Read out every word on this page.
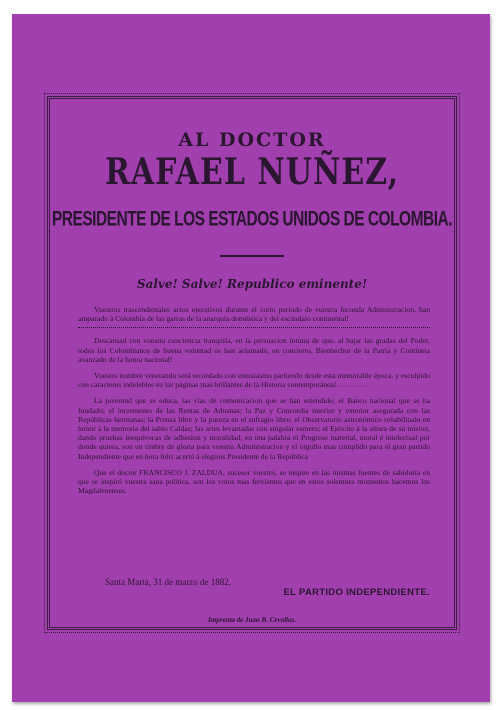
AL DOCTOR
RAFAEL NUÑEZ,
PRESIDENTE DE LOS ESTADOS UNIDOS DE COLOMBIA.
Salve! Salve! Republico eminente!

Vuestros trascendentales actos ejecutivos durante el corto período de vuestra fecunda Administracion, han amparado á Colombia de las garras de la anarquía doméstica y del escándalo continental!

Descansad con vuestra conciencia tranquila, en la persuacion íntima de que, al bajar las gradas del Poder, todos los Colombianos de buena voluntad os han aclamado, en concierto, Bienhechor de la Patria y Contineta avanzado de la honra nacional!

Vuestro nombre venerando será recordado con entusiasmo partiendo desde esta memorable época, y esculpido con caracteres indelebles en las páginas mas brillantes de la Historia contemporánea! . . . . . . . .

La juventud que se educa, las vías de comunicacion que se han estendido; el Banco nacional que se ha fundado; el incremento de las Rentas de Aduanas; la Paz y Concordia interior y exterior asegurada con las Repúblicas hermanas; la Prensa libre y la pureza en el sufragio libre; el Observatorio astronómico rehabilitado en honor á la memoria del sabio Caldas; las artes levantadas con singular esmero; el Ejército á la altura de su mision, dando pruebas inequívocas de adhesion y moralidad; en una palabra el Progreso material, moral é intelectual por donde quiera, son un timbre de gloria para vuestra Administracion y el orgullo mas cumplido para el gran partido Independiente que en hora feliz acertó á elegiros Presidente de la República

Que el doctor FRANCISCO J. ZALDUA, sucesor vuestro, se inspire en las mismas fuentes de sabiduría en que se inspiró vuestra sana política, son los votos mas fervientes que en estos solemnes momentos hacemos los Magdalenenses.

Santa Marta, 31 de marzo de 1882.
EL PARTIDO INDEPENDIENTE.
Imprenta de Juan B. Cevallos.
